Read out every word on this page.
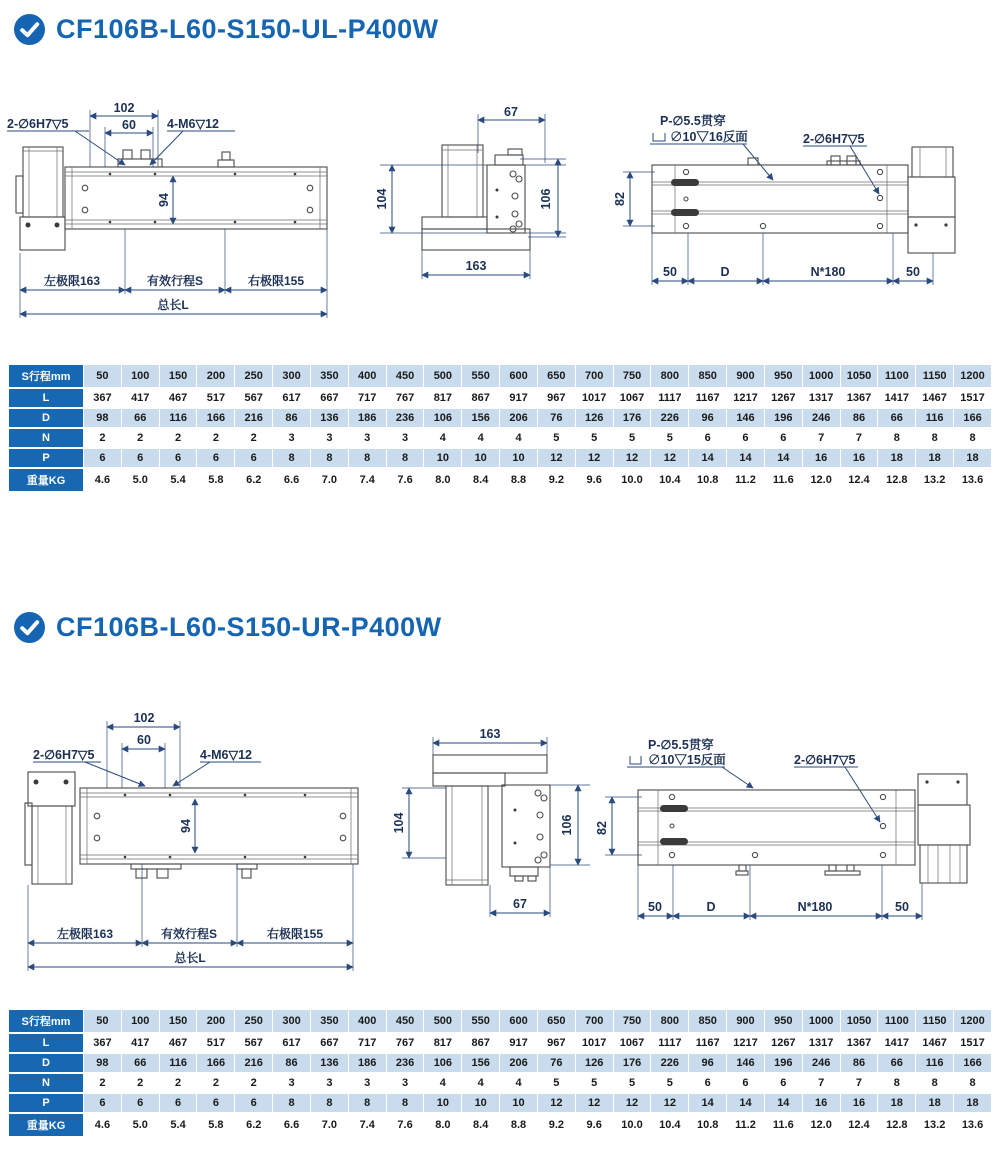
CF106B-L60-S150-UL-P400W
102
60
2-∅6H7▽5	4-M6▽12
94
左极限163	有效行程S	右极限155
总长L
67
104	106
163
P-∅5.5贯穿
∅10▽16反面	2-∅6H7▽5
82
50	D	N*180	50
S行程mm	50	100	150	200	250	300	350	400	450	500	550	600	650	700	750	800	850	900	950	1000	1050	1100	1150	1200
L	367	417	467	517	567	617	667	717	767	817	867	917	967	1017	1067	1117	1167	1217	1267	1317	1367	1417	1467	1517
D	98	66	116	166	216	86	136	186	236	106	156	206	76	126	176	226	96	146	196	246	86	66	116	166
N	2	2	2	2	2	3	3	3	3	4	4	4	5	5	5	5	6	6	6	7	7	8	8	8
P	6	6	6	6	6	8	8	8	8	10	10	10	12	12	12	12	14	14	14	16	16	18	18	18
重量KG	4.6	5.0	5.4	5.8	6.2	6.6	7.0	7.4	7.6	8.0	8.4	8.8	9.2	9.6	10.0	10.4	10.8	11.2	11.6	12.0	12.4	12.8	13.2	13.6
CF106B-L60-S150-UR-P400W
102
60
2-∅6H7▽5	4-M6▽12
94
左极限163	有效行程S	右极限155
总长L
163
104	106
67
P-∅5.5贯穿
∅10▽15反面	2-∅6H7▽5
82
50	D	N*180	50
S行程mm	50	100	150	200	250	300	350	400	450	500	550	600	650	700	750	800	850	900	950	1000	1050	1100	1150	1200
L	367	417	467	517	567	617	667	717	767	817	867	917	967	1017	1067	1117	1167	1217	1267	1317	1367	1417	1467	1517
D	98	66	116	166	216	86	136	186	236	106	156	206	76	126	176	226	96	146	196	246	86	66	116	166
N	2	2	2	2	2	3	3	3	3	4	4	4	5	5	5	5	6	6	6	7	7	8	8	8
P	6	6	6	6	6	8	8	8	8	10	10	10	12	12	12	12	14	14	14	16	16	18	18	18
重量KG	4.6	5.0	5.4	5.8	6.2	6.6	7.0	7.4	7.6	8.0	8.4	8.8	9.2	9.6	10.0	10.4	10.8	11.2	11.6	12.0	12.4	12.8	13.2	13.6
